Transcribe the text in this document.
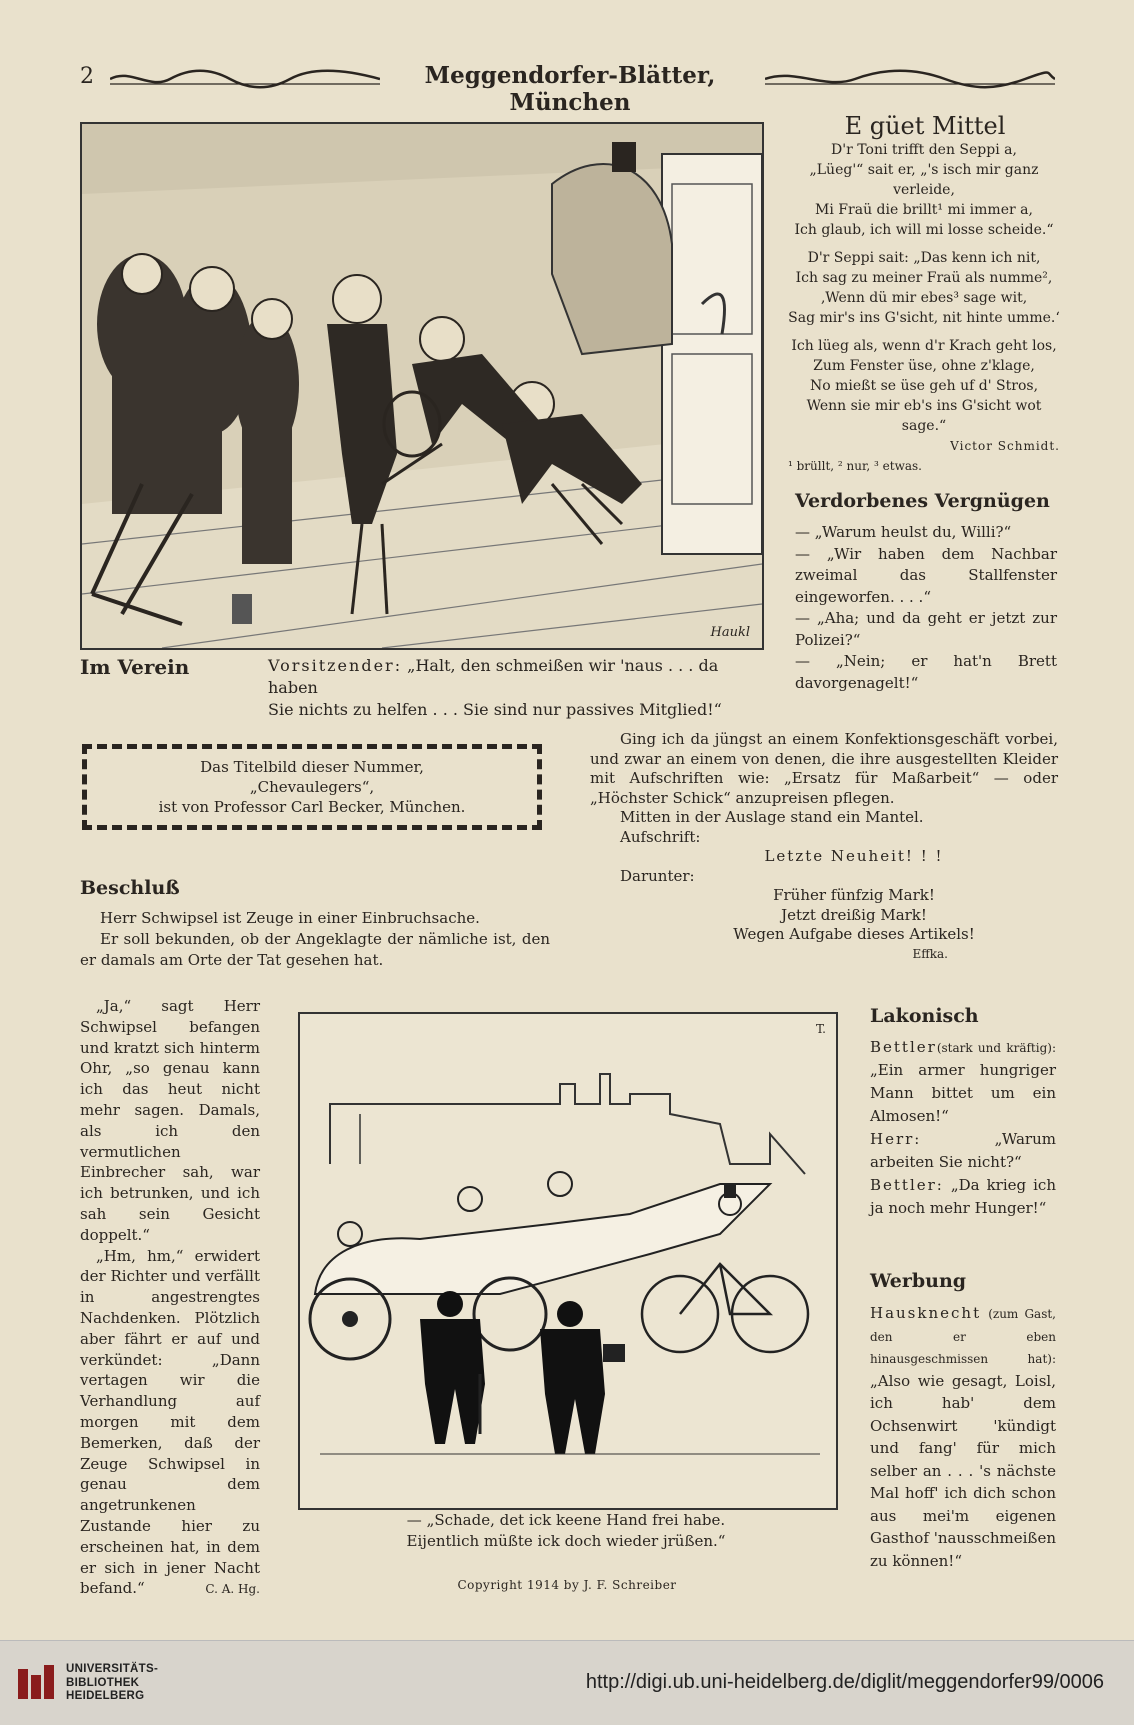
2	Meggendorfer-Blätter, München
Haukl
Im Verein	Vorsitzender: „Halt, den schmeißen wir 'naus . . . da haben
Sie nichts zu helfen . . . Sie sind nur passives Mitglied!“
E güet Mittel

D'r Toni trifft den Seppi a,

„Lüeg'“ sait er, „'s isch mir ganz verleide,

Mi Fraü die brillt¹ mi immer a,

Ich glaub, ich will mi losse scheide.“

D'r Seppi sait: „Das kenn ich nit,

Ich sag zu meiner Fraü als numme²,

‚Wenn dü mir ebes³ sage wit,

Sag mir's ins G'sicht, nit hinte umme.‘

Ich lüeg als, wenn d'r Krach geht los,

Zum Fenster üse, ohne z'klage,

No mießt se üse geh uf d' Stros,

Wenn sie mir eb's ins G'sicht wot sage.“

Victor Schmidt.

¹ brüllt, ² nur, ³ etwas.

Verdorbenes Vergnügen

— „Warum heulst du, Willi?“

— „Wir haben dem Nachbar zweimal das Stallfenster eingeworfen. . . .“

— „Aha; und da geht er jetzt zur Polizei?“

— „Nein; er hat'n Brett davorgenagelt!“

Das Titelbild dieser Nummer,

„Chevaulegers“,

ist von Professor Carl Becker, München.

Ging ich da jüngst an einem Konfektionsgeschäft vorbei, und zwar an einem von denen, die ihre ausgestellten Kleider mit Aufschriften wie: „Ersatz für Maßarbeit“ — oder „Höchster Schick“ anzupreisen pflegen.

Mitten in der Auslage stand ein Mantel.

Aufschrift:

Letzte Neuheit! ! !

Darunter:

Früher fünfzig Mark!

Jetzt dreißig Mark!

Wegen Aufgabe dieses Artikels!

Effka.

Beschluß

Herr Schwipsel ist Zeuge in einer Einbruchsache.

Er soll bekunden, ob der Angeklagte der nämliche ist, den er damals am Orte der Tat gesehen hat.

„Ja,“ sagt Herr Schwipsel befangen und kratzt sich hinterm Ohr, „so genau kann ich das heut nicht mehr sagen. Damals, als ich den vermutlichen Einbrecher sah, war ich betrunken, und ich sah sein Gesicht doppelt.“

„Hm, hm,“ erwidert der Richter und verfällt in angestrengtes Nachdenken. Plötzlich aber fährt er auf und verkündet: „Dann vertagen wir die Verhandlung auf morgen mit dem Bemerken, daß der Zeuge Schwipsel in genau dem angetrunkenen Zustande hier zu erscheinen hat, in dem er sich in jener Nacht befand.“	C. A. Hg.

T.

— „Schade, det ick keene Hand frei habe.

Eijentlich müßte ick doch wieder jrüßen.“

Lakonisch

Bettler(stark und kräftig): „Ein armer hungriger Mann bittet um ein Almosen!“

Herr:	„Warum arbeiten Sie nicht?“

Bettler: „Da krieg ich ja noch mehr Hunger!“

Werbung

Hausknecht (zum Gast, den er eben hinausgeschmissen hat): „Also wie gesagt, Loisl, ich hab' dem Ochsenwirt 'kündigt und fang' für mich selber an . . . 's nächste Mal hoff' ich dich schon aus mei'm eigenen Gasthof 'nausschmeißen zu können!“

Copyright 1914 by J. F. Schreiber
UNIVERSITÄTS-
BIBLIOTHEK
HEIDELBERG
http://digi.ub.uni-heidelberg.de/diglit/meggendorfer99/0006
